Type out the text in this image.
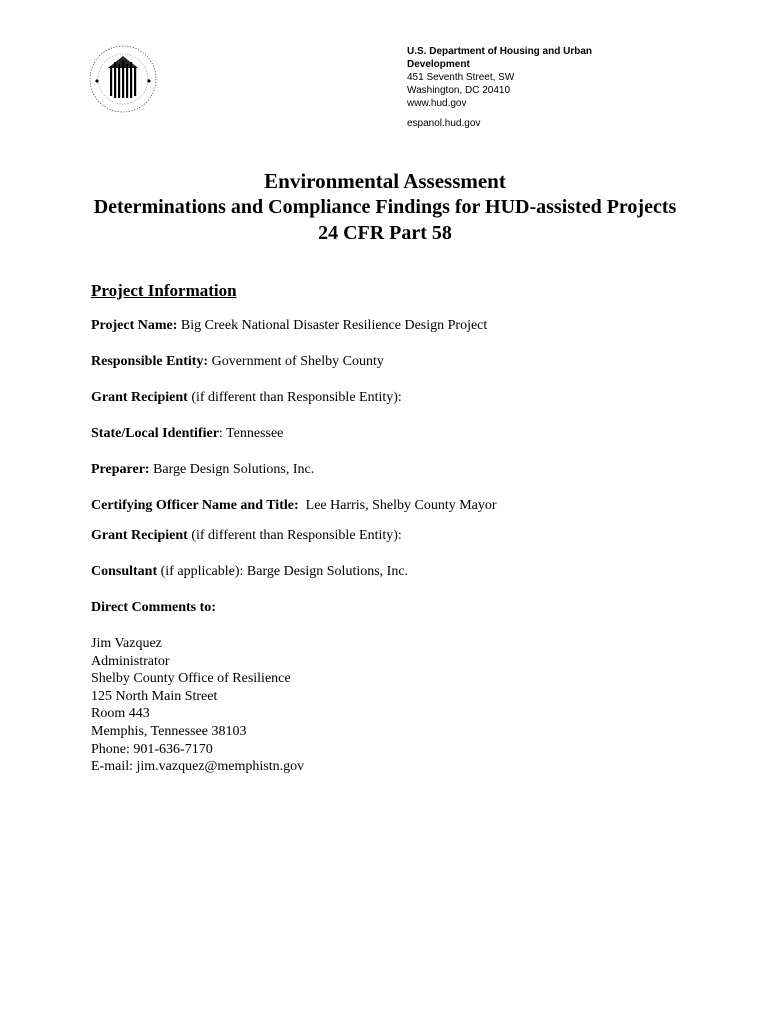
U.S. Department of Housing and Urban Development
451 Seventh Street, SW
Washington, DC 20410
www.hud.gov
espanol.hud.gov
Environmental Assessment
Determinations and Compliance Findings for HUD-assisted Projects
24 CFR Part 58
Project Information
Project Name: Big Creek National Disaster Resilience Design Project
Responsible Entity: Government of Shelby County
Grant Recipient (if different than Responsible Entity):
State/Local Identifier: Tennessee
Preparer: Barge Design Solutions, Inc.
Certifying Officer Name and Title:  Lee Harris, Shelby County Mayor
Grant Recipient (if different than Responsible Entity):
Consultant (if applicable): Barge Design Solutions, Inc.
Direct Comments to:
Jim Vazquez
Administrator
Shelby County Office of Resilience
125 North Main Street
Room 443
Memphis, Tennessee 38103
Phone: 901-636-7170
E-mail: jim.vazquez@memphistn.gov
